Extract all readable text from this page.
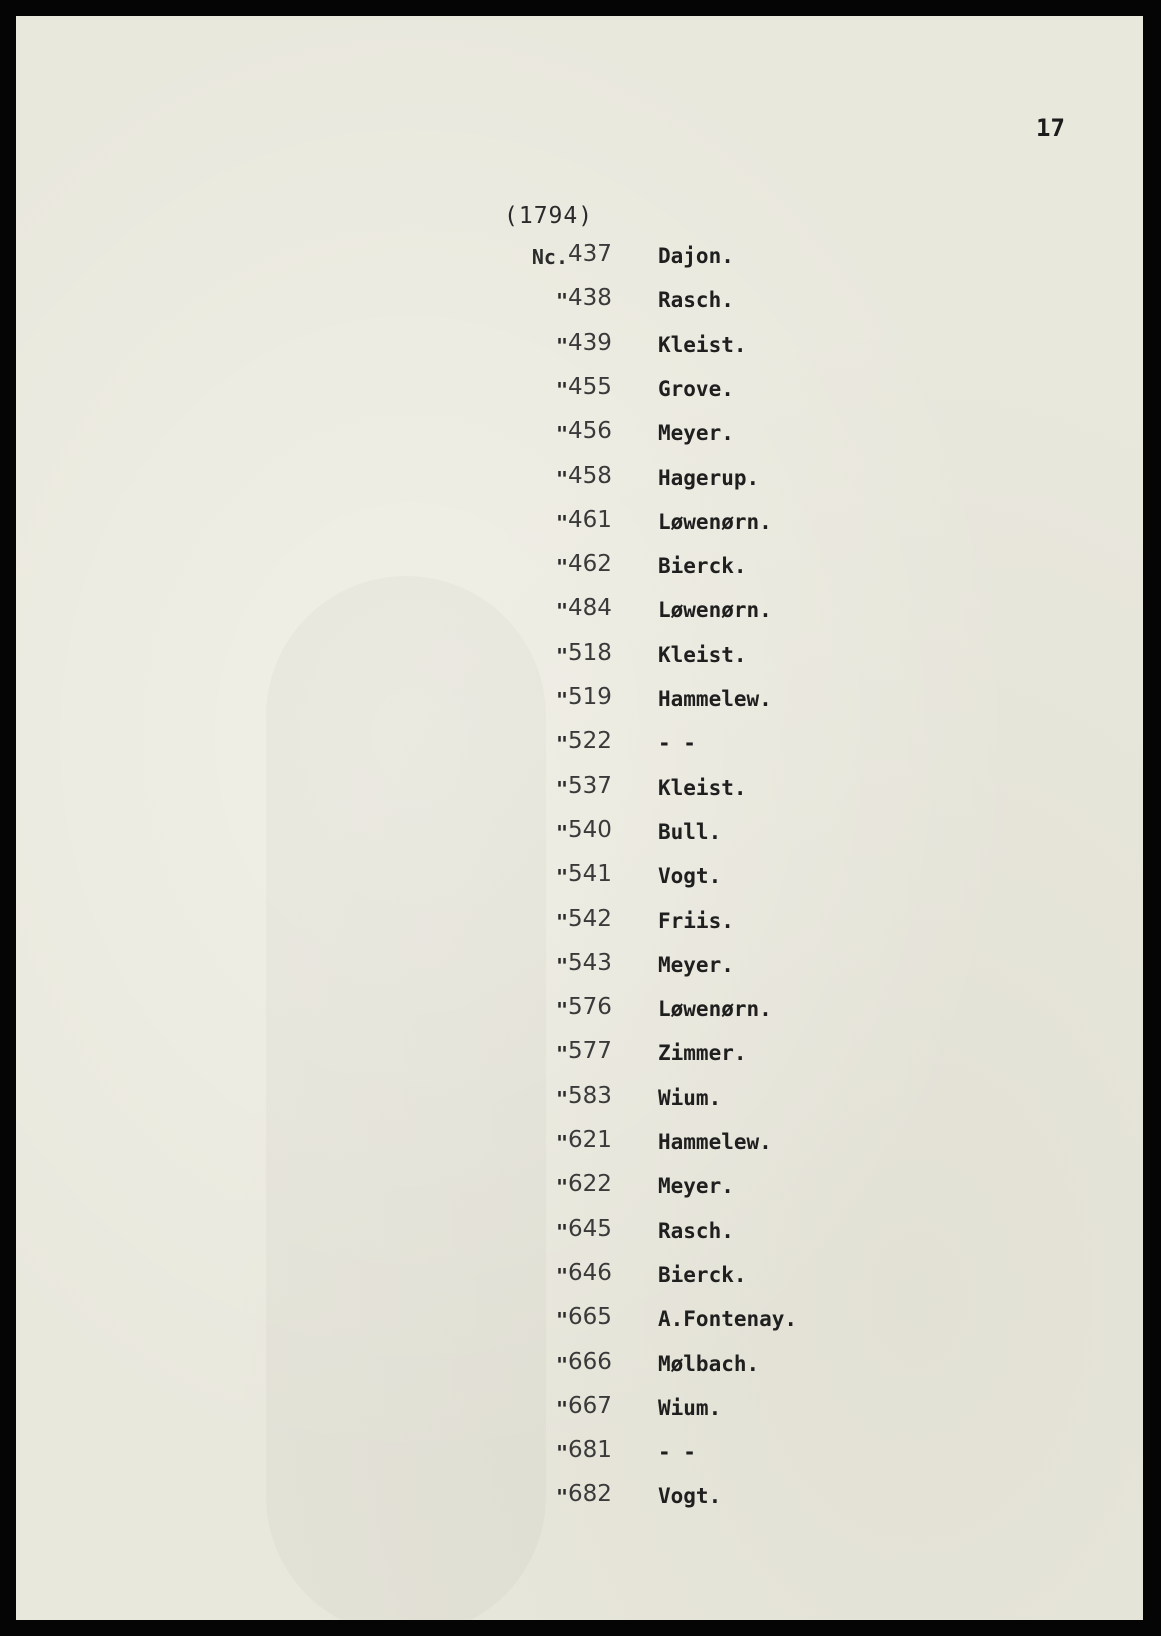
17
(1794)
Nc. 437 Dajon.
" 438 Rasch.
" 439 Kleist.
" 455 Grove.
" 456 Meyer.
" 458 Hagerup.
" 461 Løwenørn.
" 462 Bierck.
" 484 Løwenørn.
" 518 Kleist.
" 519 Hammelew.
" 522 - -
" 537 Kleist.
" 540 Bull.
" 541 Vogt.
" 542 Friis.
" 543 Meyer.
" 576 Løwenørn.
" 577 Zimmer.
" 583 Wium.
" 621 Hammelew.
" 622 Meyer.
" 645 Rasch.
" 646 Bierck.
" 665 A.Fontenay.
" 666 Mølbach.
" 667 Wium.
" 681 - -
" 682 Vogt.
